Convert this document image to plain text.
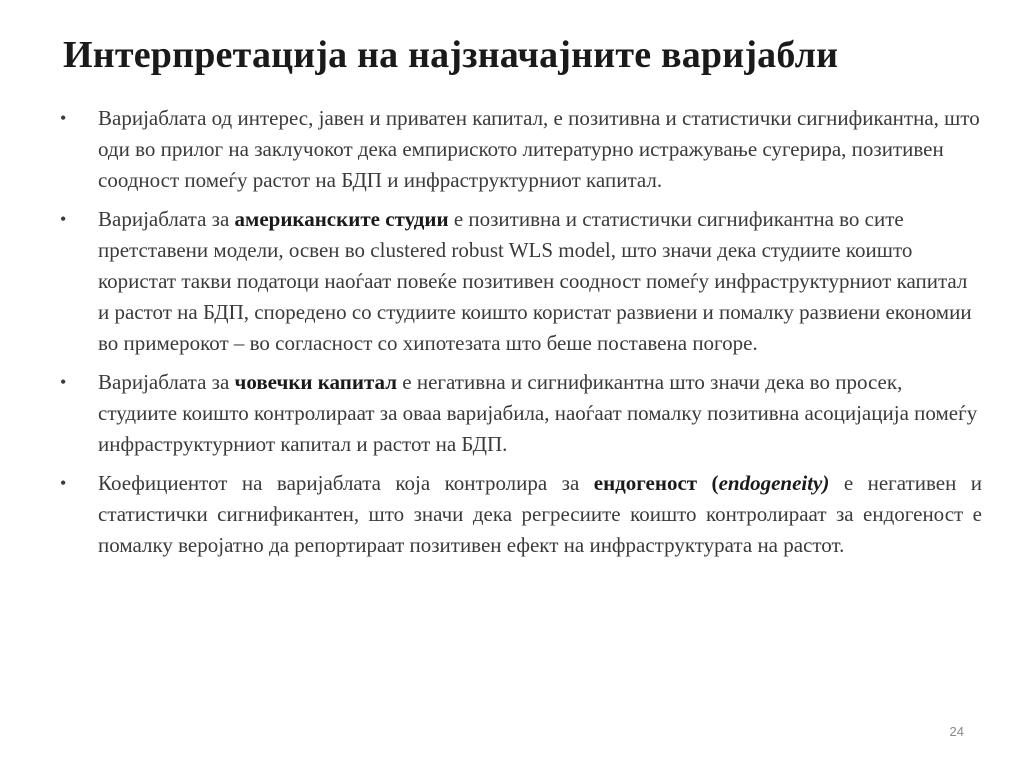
Интерпретација на најзначајните варијабли
• Варијаблата од интерес, јавен и приватен капитал, е позитивна и статистички сигнификантна, што оди во прилог на заклучокот дека емпириското литературно истражување сугерира, позитивен соодност помеѓу растот на БДП и инфраструктурниот капитал.
• Варијаблата за американските студии е позитивна и статистички сигнификантна во сите претставени модели, освен во clustered robust WLS model, што значи дека студиите коишто користат такви податоци наоѓаат повеќе позитивен соодност помеѓу инфраструктурниот капитал и растот на БДП, споредено со студиите коишто користат развиени и помалку развиени економии во примерокот – во согласност со хипотезата што беше поставена погоре.
• Варијаблата за човечки капитал е негативна и сигнификантна што значи дека во просек, студиите коишто контролираат за оваа варијабила, наоѓаат помалку позитивна асоцијација помеѓу инфраструктурниот капитал и растот на БДП.
• Коефициентот на варијаблата која контролира за ендогеност (endogeneity) е негативен и статистички сигнификантен, што значи дека регресиите коишто контролираат за ендогеност е помалку веројатно да репортираат позитивен ефект на инфраструктурата на растот.
24
